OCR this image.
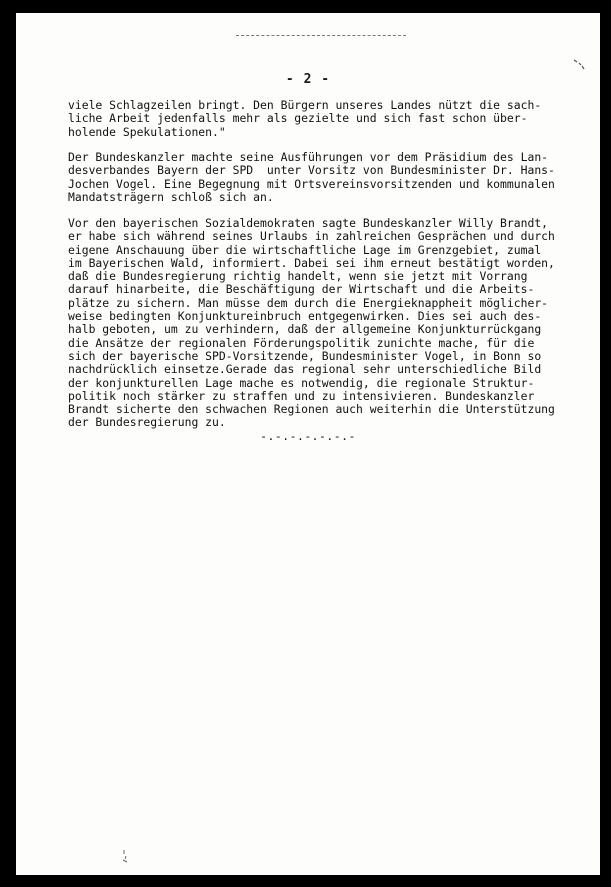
- 2 -

viele Schlagzeilen bringt. Den Bürgern unseres Landes nützt die sach-
liche Arbeit jedenfalls mehr als gezielte und sich fast schon über-
holende Spekulationen."

Der Bundeskanzler machte seine Ausführungen vor dem Präsidium des Lan-
desverbandes Bayern der SPD  unter Vorsitz von Bundesminister Dr. Hans-
Jochen Vogel. Eine Begegnung mit Ortsvereinsvorsitzenden und kommunalen
Mandatsträgern schloß sich an.

Vor den bayerischen Sozialdemokraten sagte Bundeskanzler Willy Brandt,
er habe sich während seines Urlaubs in zahlreichen Gesprächen und durch
eigene Anschauung über die wirtschaftliche Lage im Grenzgebiet, zumal
im Bayerischen Wald, informiert. Dabei sei ihm erneut bestätigt worden,
daß die Bundesregierung richtig handelt, wenn sie jetzt mit Vorrang
darauf hinarbeite, die Beschäftigung der Wirtschaft und die Arbeits-
plätze zu sichern. Man müsse dem durch die Energieknappheit möglicher-
weise bedingten Konjunktureinbruch entgegenwirken. Dies sei auch des-
halb geboten, um zu verhindern, daß der allgemeine Konjunkturrückgang
die Ansätze der regionalen Förderungspolitik zunichte mache, für die
sich der bayerische SPD-Vorsitzende, Bundesminister Vogel, in Bonn so
nachdrücklich einsetze.Gerade das regional sehr unterschiedliche Bild
der konjunkturellen Lage mache es notwendig, die regionale Struktur-
politik noch stärker zu straffen und zu intensivieren. Bundeskanzler
Brandt sicherte den schwachen Regionen auch weiterhin die Unterstützung
der Bundesregierung zu.

-.-.-.-.-.-.-
